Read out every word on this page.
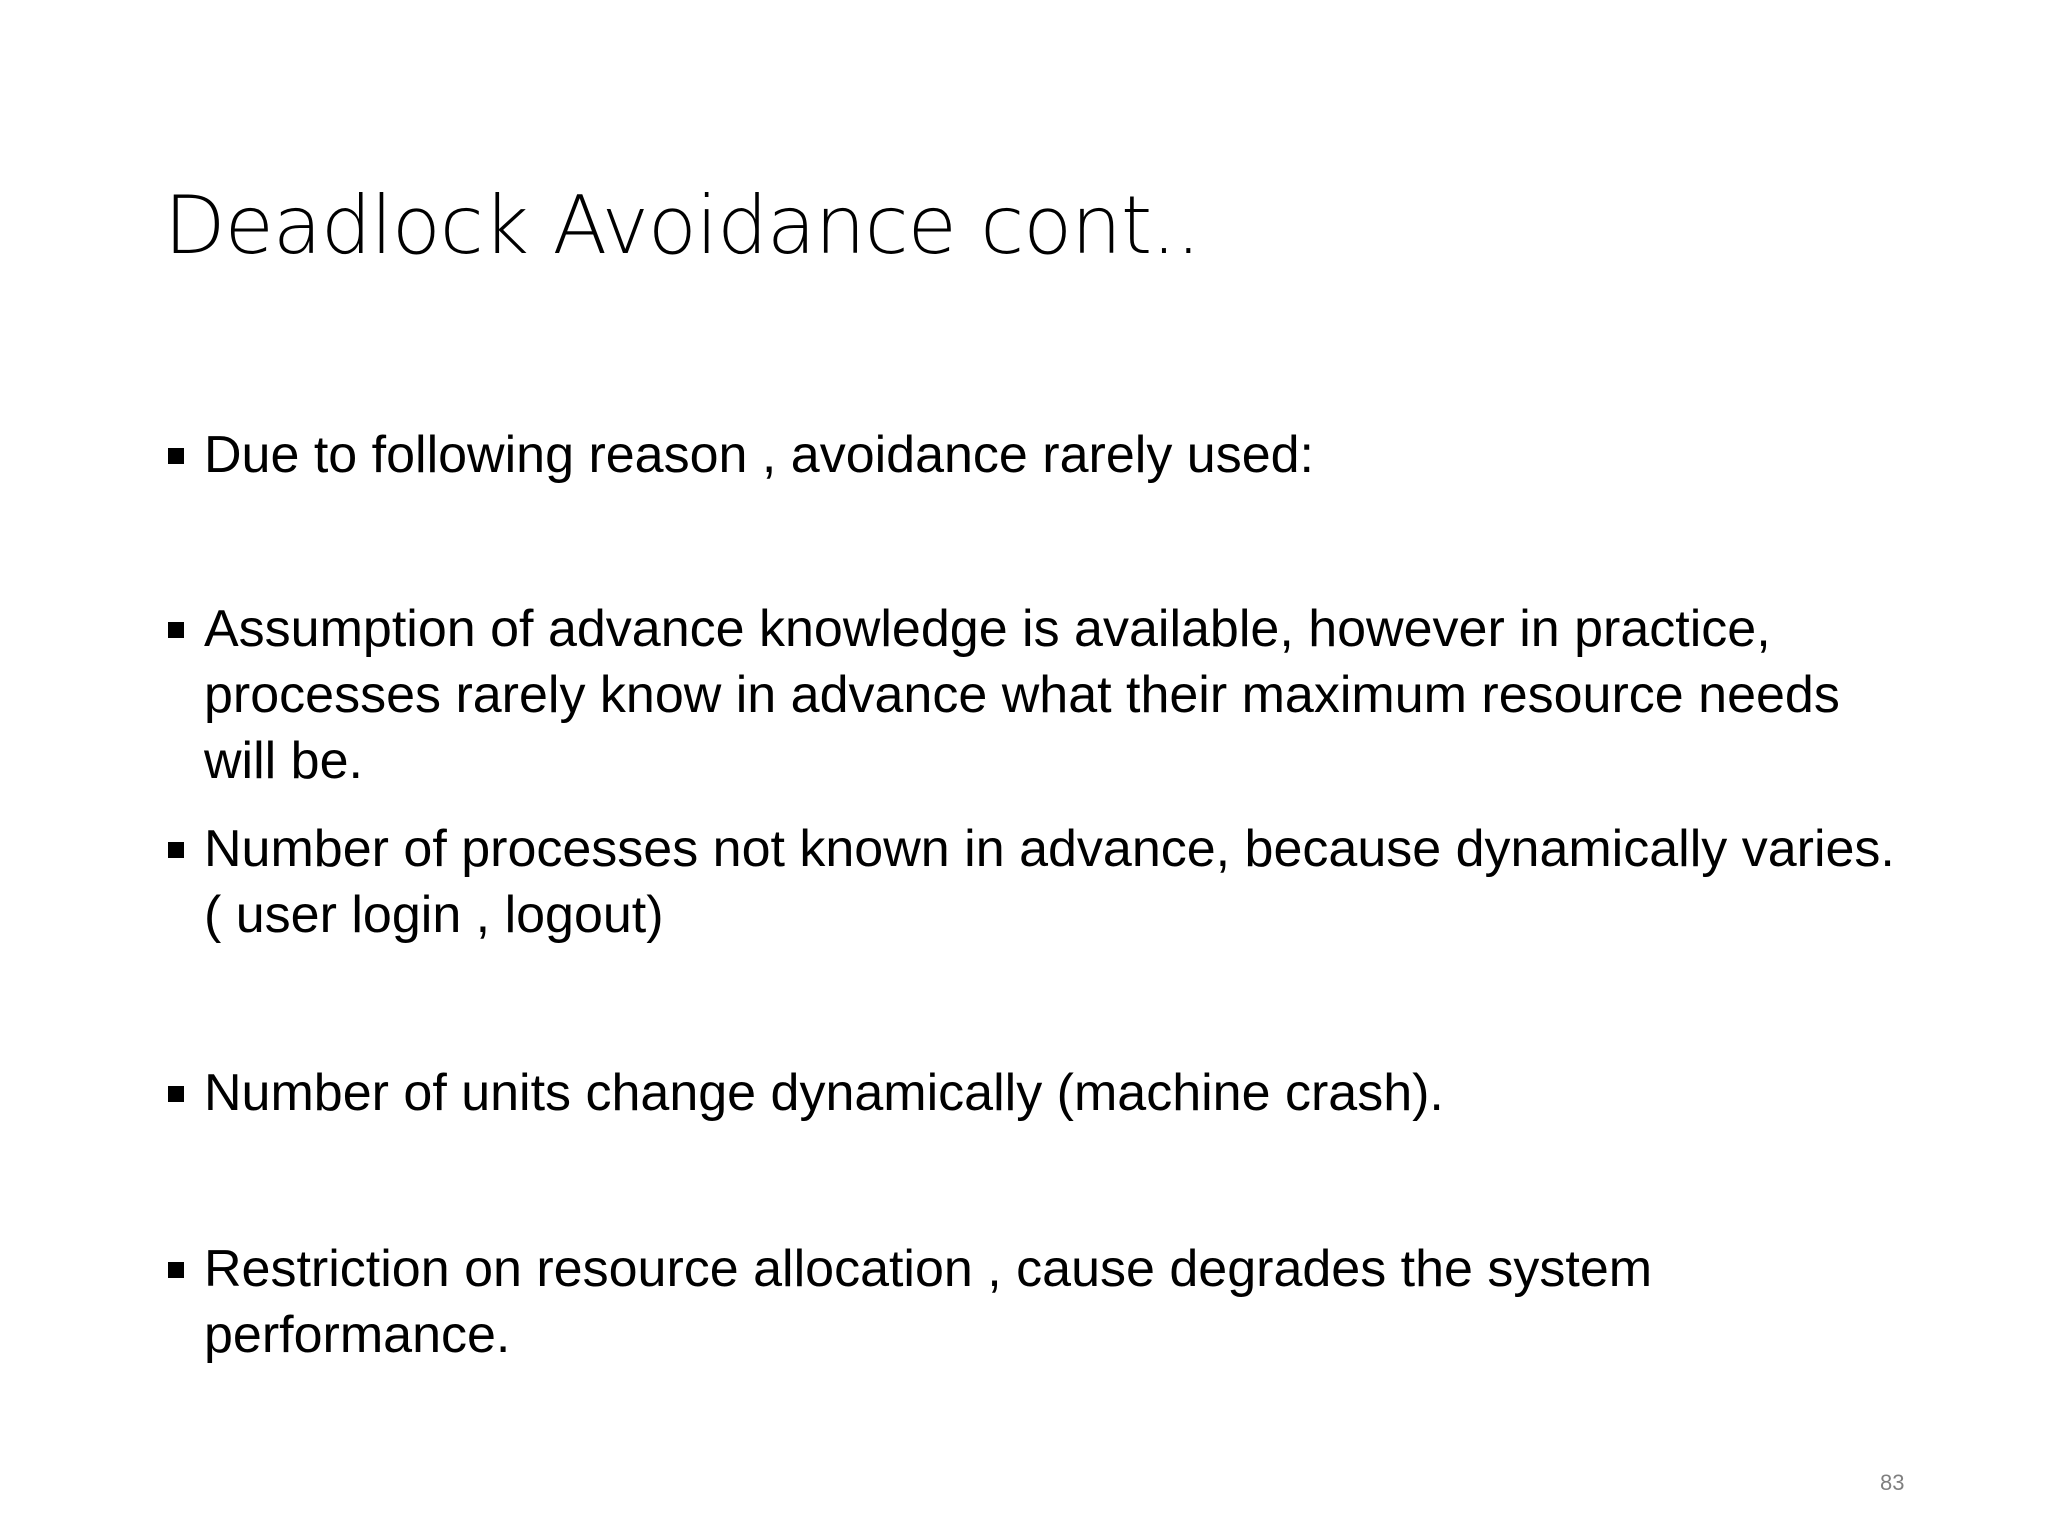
Deadlock Avoidance cont..
Due to following reason , avoidance rarely used:
Assumption of advance knowledge is available, however in practice, processes rarely know in advance what their maximum resource needs will be.
Number of processes not known in advance, because dynamically varies. ( user login , logout)
Number of units change dynamically (machine crash).
Restriction on resource allocation , cause degrades the system performance.
83
